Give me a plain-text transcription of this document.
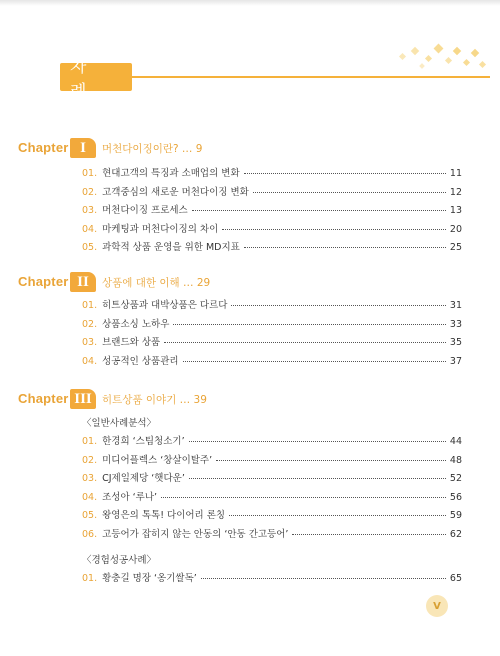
차 례
Chapter I	머천다이징이란? … 9
01. 현대고객의 특징과 소매업의 변화	11
02. 고객중심의 새로운 머천다이징 변화	12
03. 머천다이징 프로세스	13
04. 마케팅과 머천다이징의 차이	20
05. 과학적 상품 운영을 위한 MD지표	25
Chapter II	상품에 대한 이해 … 29
01. 히트상품과 대박상품은 다르다	31
02. 상품소싱 노하우	33
03. 브랜드와 상품	35
04. 성공적인 상품관리	37
Chapter III 히트상품 이야기 … 39
〈일반사례분석〉
01. 한경희 ‘스팀청소기’	44
02. 미디어플렉스 ‘창살이탈주’	48
03. CJ제일제당 ‘햇다운’	52
04. 조성아 ‘루나’	56
05. 왕영은의 톡톡! 다이어리 론칭	59
06. 고등어가 잡히지 않는 안동의 ‘안동 간고등어’	62
〈경험성공사례〉
01. 황충길 명장 ‘옹기쌀독’	65
V
